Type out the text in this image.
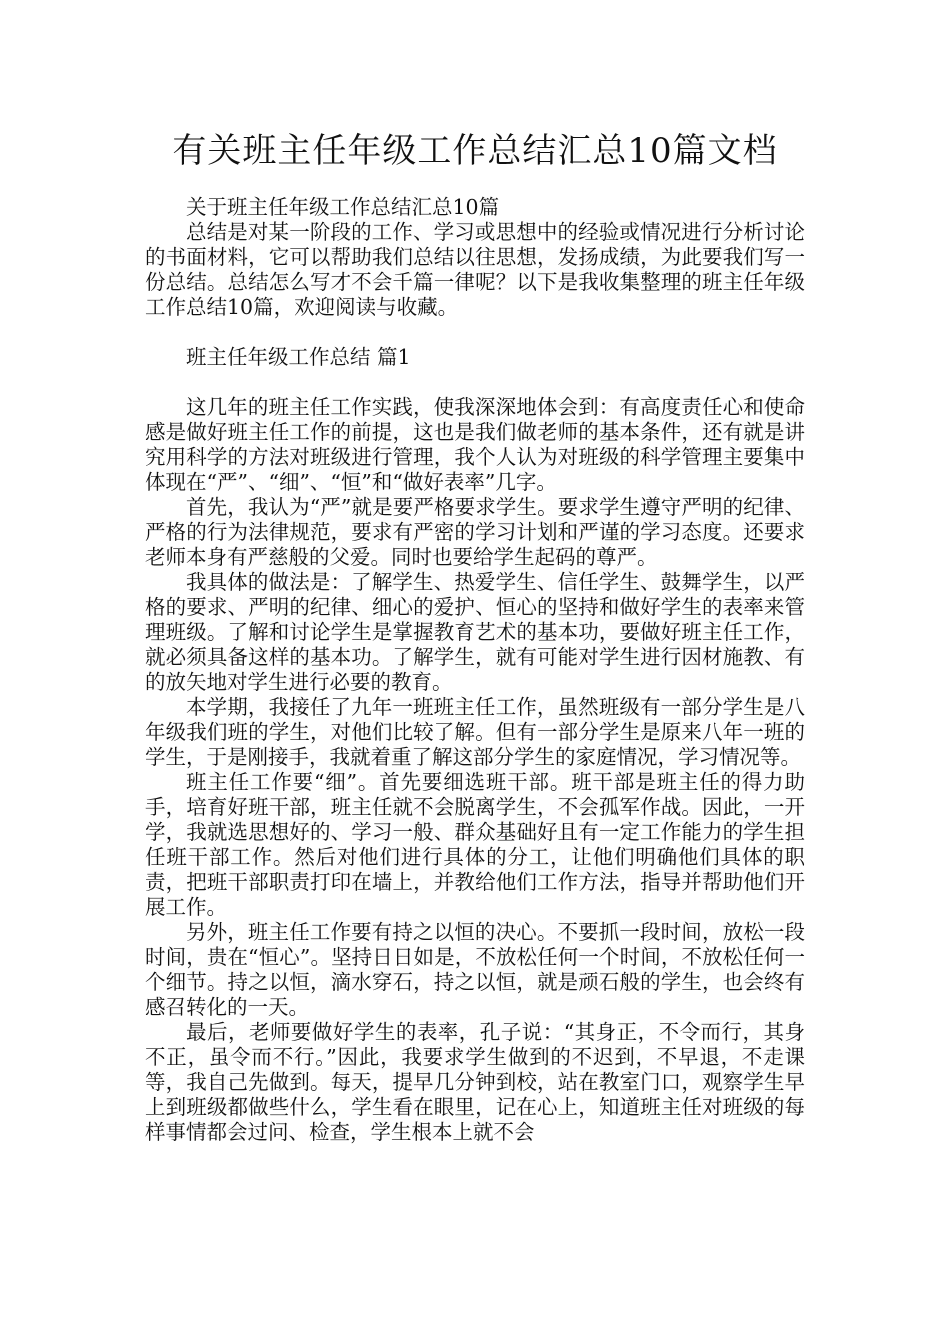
有关班主任年级工作总结汇总10篇文档

关于班主任年级工作总结汇总10篇

总结是对某一阶段的工作、学习或思想中的经验或情况进行分析讨论的书面材料，它可以帮助我们总结以往思想，发扬成绩，为此要我们写一份总结。总结怎么写才不会千篇一律呢？以下是我收集整理的班主任年级工作总结10篇，欢迎阅读与收藏。

班主任年级工作总结 篇1

这几年的班主任工作实践，使我深深地体会到：有高度责任心和使命感是做好班主任工作的前提，这也是我们做老师的基本条件，还有就是讲究用科学的方法对班级进行管理，我个人认为对班级的科学管理主要集中体现在“严”、“细”、“恒”和“做好表率”几字。

首先，我认为“严”就是要严格要求学生。要求学生遵守严明的纪律、严格的行为法律规范，要求有严密的学习计划和严谨的学习态度。还要求老师本身有严慈般的父爱。同时也要给学生起码的尊严。

我具体的做法是：了解学生、热爱学生、信任学生、鼓舞学生，以严格的要求、严明的纪律、细心的爱护、恒心的坚持和做好学生的表率来管理班级。了解和讨论学生是掌握教育艺术的基本功，要做好班主任工作，就必须具备这样的基本功。了解学生，就有可能对学生进行因材施教、有的放矢地对学生进行必要的教育。

本学期，我接任了九年一班班主任工作，虽然班级有一部分学生是八年级我们班的学生，对他们比较了解。但有一部分学生是原来八年一班的学生，于是刚接手，我就着重了解这部分学生的家庭情况，学习情况等。

班主任工作要“细”。首先要细选班干部。班干部是班主任的得力助手，培育好班干部，班主任就不会脱离学生，不会孤军作战。因此，一开学，我就选思想好的、学习一般、群众基础好且有一定工作能力的学生担任班干部工作。然后对他们进行具体的分工，让他们明确他们具体的职责，把班干部职责打印在墙上，并教给他们工作方法，指导并帮助他们开展工作。

另外，班主任工作要有持之以恒的决心。不要抓一段时间，放松一段时间，贵在“恒心”。坚持日日如是，不放松任何一个时间，不放松任何一个细节。持之以恒，滴水穿石，持之以恒，就是顽石般的学生，也会终有感召转化的一天。

最后，老师要做好学生的表率，孔子说：“其身正，不令而行，其身不正，虽令而不行。”因此，我要求学生做到的不迟到，不早退，不走课等，我自己先做到。每天，提早几分钟到校，站在教室门口，观察学生早上到班级都做些什么，学生看在眼里，记在心上，知道班主任对班级的每样事情都会过问、检查，学生根本上就不会
